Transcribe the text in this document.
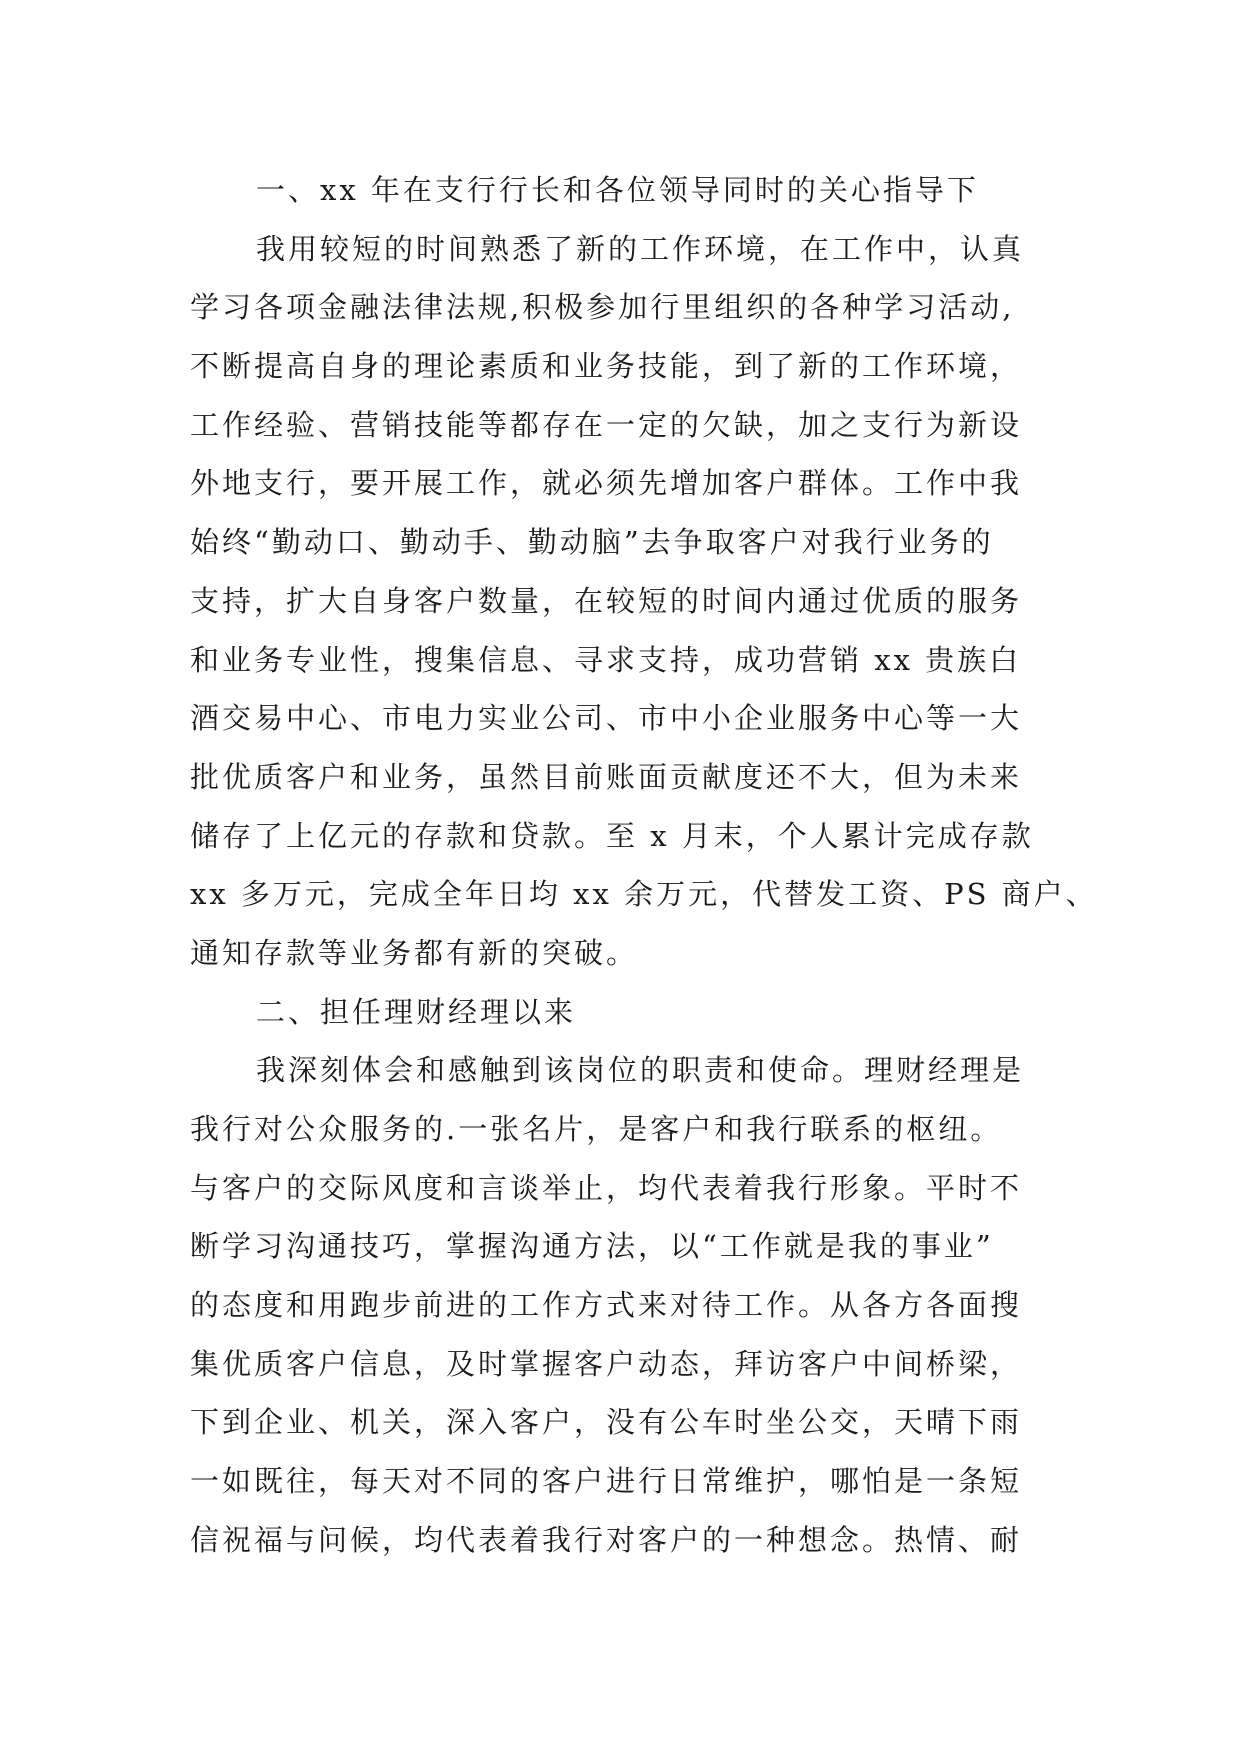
一、xx 年在支行行长和各位领导同时的关心指导下
我用较短的时间熟悉了新的工作环境，在工作中，认真
学习各项金融法律法规,积极参加行里组织的各种学习活动,
不断提高自身的理论素质和业务技能，到了新的工作环境，
工作经验、营销技能等都存在一定的欠缺，加之支行为新设
外地支行，要开展工作，就必须先增加客户群体。工作中我
始终“勤动口、勤动手、勤动脑”去争取客户对我行业务的
支持，扩大自身客户数量，在较短的时间内通过优质的服务
和业务专业性，搜集信息、寻求支持，成功营销 xx 贵族白
酒交易中心、市电力实业公司、市中小企业服务中心等一大
批优质客户和业务，虽然目前账面贡献度还不大，但为未来
储存了上亿元的存款和贷款。至 x 月末，个人累计完成存款
xx 多万元，完成全年日均 xx 余万元，代替发工资、PS 商户、
通知存款等业务都有新的突破。
二、担任理财经理以来
我深刻体会和感触到该岗位的职责和使命。理财经理是
我行对公众服务的.一张名片，是客户和我行联系的枢纽。
与客户的交际风度和言谈举止，均代表着我行形象。平时不
断学习沟通技巧，掌握沟通方法，以“工作就是我的事业”
的态度和用跑步前进的工作方式来对待工作。从各方各面搜
集优质客户信息，及时掌握客户动态，拜访客户中间桥梁，
下到企业、机关，深入客户，没有公车时坐公交，天晴下雨
一如既往，每天对不同的客户进行日常维护，哪怕是一条短
信祝福与问候，均代表着我行对客户的一种想念。热情、耐
